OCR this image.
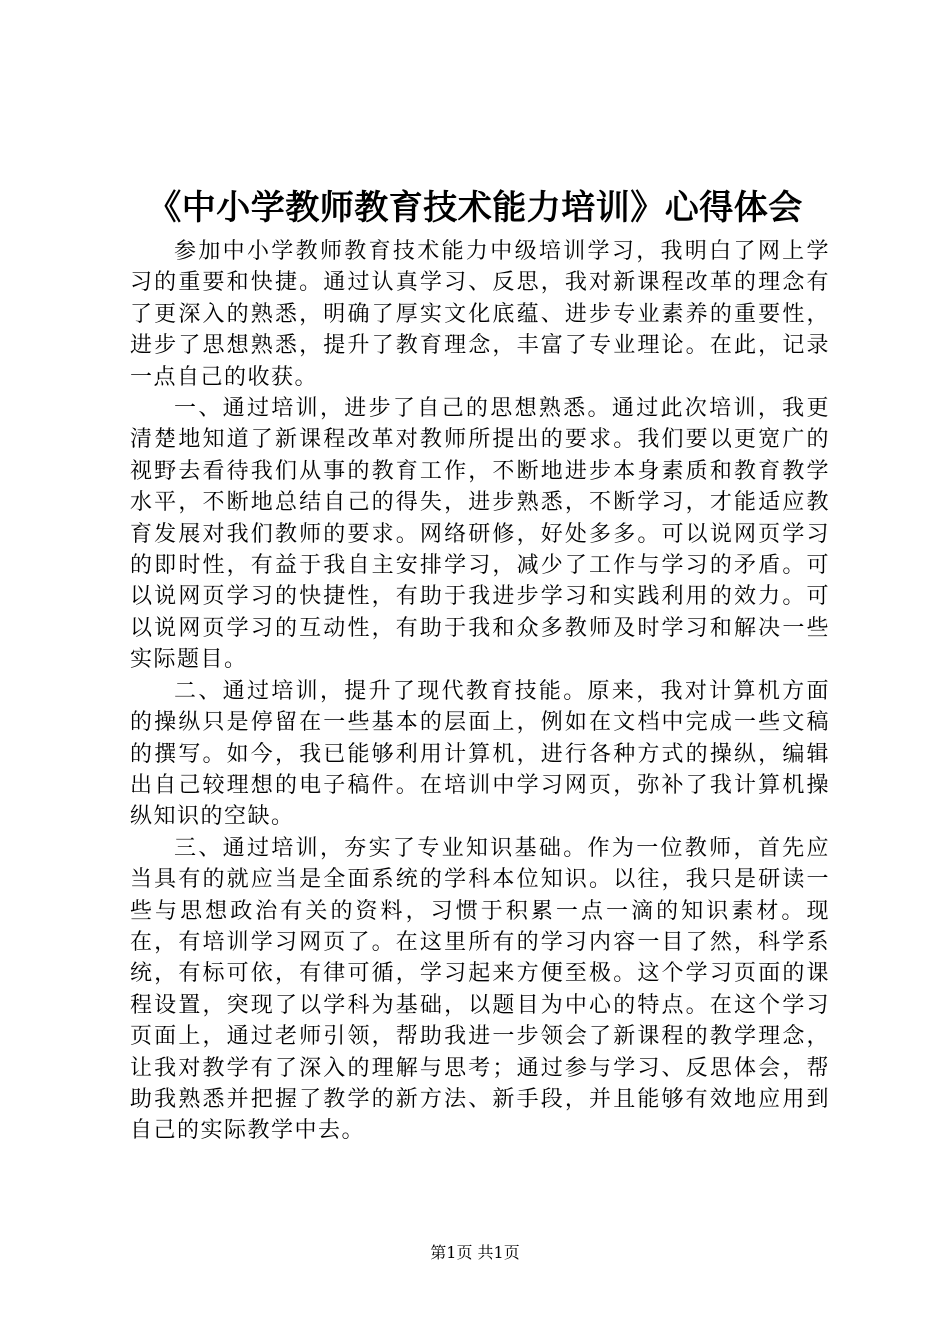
《中小学教师教育技术能力培训》心得体会

参加中小学教师教育技术能力中级培训学习，我明白了网上学习的重要和快捷。通过认真学习、反思，我对新课程改革的理念有了更深入的熟悉，明确了厚实文化底蕴、进步专业素养的重要性，进步了思想熟悉，提升了教育理念，丰富了专业理论。在此，记录一点自己的收获。

一、通过培训，进步了自己的思想熟悉。通过此次培训，我更清楚地知道了新课程改革对教师所提出的要求。我们要以更宽广的视野去看待我们从事的教育工作，不断地进步本身素质和教育教学水平，不断地总结自己的得失，进步熟悉，不断学习，才能适应教育发展对我们教师的要求。网络研修，好处多多。可以说网页学习的即时性，有益于我自主安排学习，减少了工作与学习的矛盾。可以说网页学习的快捷性，有助于我进步学习和实践利用的效力。可以说网页学习的互动性，有助于我和众多教师及时学习和解决一些实际题目。

二、通过培训，提升了现代教育技能。原来，我对计算机方面的操纵只是停留在一些基本的层面上，例如在文档中完成一些文稿的撰写。如今，我已能够利用计算机，进行各种方式的操纵，编辑出自己较理想的电子稿件。在培训中学习网页，弥补了我计算机操纵知识的空缺。

三、通过培训，夯实了专业知识基础。作为一位教师，首先应当具有的就应当是全面系统的学科本位知识。以往，我只是研读一些与思想政治有关的资料，习惯于积累一点一滴的知识素材。现在，有培训学习网页了。在这里所有的学习内容一目了然，科学系统，有标可依，有律可循，学习起来方便至极。这个学习页面的课程设置，突现了以学科为基础，以题目为中心的特点。在这个学习页面上，通过老师引领，帮助我进一步领会了新课程的教学理念，让我对教学有了深入的理解与思考；通过参与学习、反思体会，帮助我熟悉并把握了教学的新方法、新手段，并且能够有效地应用到自己的实际教学中去。

第1页 共1页
